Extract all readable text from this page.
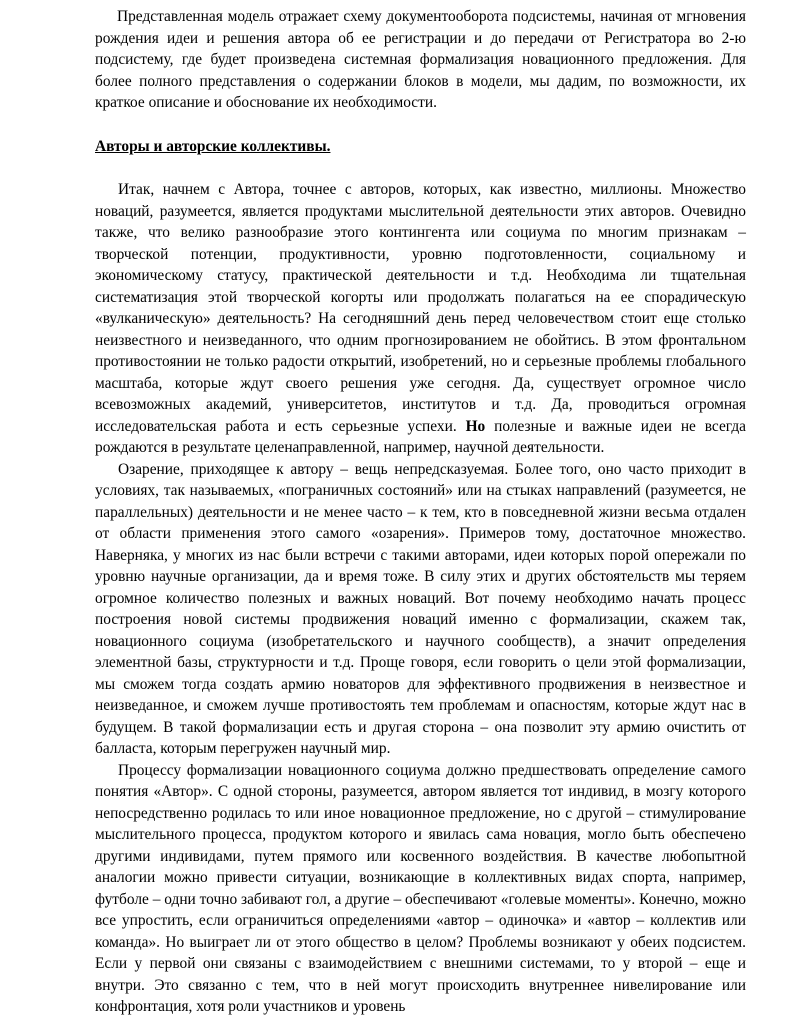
Представленная модель отражает схему документооборота подсистемы, начиная от мгновения рождения идеи и решения автора об ее регистрации и до передачи от Регистратора во 2-ю подсистему, где будет произведена системная формализация новационного предложения. Для более полного представления о содержании блоков в модели, мы дадим, по возможности, их краткое описание и обоснование их необходимости.

Авторы и авторские коллективы.

Итак, начнем с Автора, точнее с авторов, которых, как известно, миллионы. Множество новаций, разумеется, является продуктами мыслительной деятельности этих авторов. Очевидно также, что велико разнообразие этого контингента или социума по многим признакам – творческой потенции, продуктивности, уровню подготовленности, социальному и экономическому статусу, практической деятельности и т.д. Необходима ли тщательная систематизация этой творческой когорты или продолжать полагаться на ее спорадическую «вулканическую» деятельность? На сегодняшний день перед человечеством стоит еще столько неизвестного и неизведанного, что одним прогнозированием не обойтись. В этом фронтальном противостоянии не только радости открытий, изобретений, но и серьезные проблемы глобального масштаба, которые ждут своего решения уже сегодня. Да, существует огромное число всевозможных академий, университетов, институтов и т.д. Да, проводиться огромная исследовательская работа и есть серьезные успехи. Но полезные и важные идеи не всегда рождаются в результате целенаправленной, например, научной деятельности.

Озарение, приходящее к автору – вещь непредсказуемая. Более того, оно часто приходит в условиях, так называемых, «пограничных состояний» или на стыках направлений (разумеется, не параллельных) деятельности и не менее часто – к тем, кто в повседневной жизни весьма отдален от области применения этого самого «озарения». Примеров тому, достаточное множество. Наверняка, у многих из нас были встречи с такими авторами, идеи которых порой опережали по уровню научные организации, да и время тоже. В силу этих и других обстоятельств мы теряем огромное количество полезных и важных новаций. Вот почему необходимо начать процесс построения новой системы продвижения новаций именно с формализации, скажем так, новационного социума (изобретательского и научного сообществ), а значит определения элементной базы, структурности и т.д. Проще говоря, если говорить о цели этой формализации, мы сможем тогда создать армию новаторов для эффективного продвижения в неизвестное и неизведанное, и сможем лучше противостоять тем проблемам и опасностям, которые ждут нас в будущем. В такой формализации есть и другая сторона – она позволит эту армию очистить от балласта, которым перегружен научный мир.

Процессу формализации новационного социума должно предшествовать определение самого понятия «Автор». С одной стороны, разумеется, автором является тот индивид, в мозгу которого непосредственно родилась то или иное новационное предложение, но с другой – стимулирование мыслительного процесса, продуктом которого и явилась сама новация, могло быть обеспечено другими индивидами, путем прямого или косвенного воздействия. В качестве любопытной аналогии можно привести ситуации, возникающие в коллективных видах спорта, например, футболе – одни точно забивают гол, а другие – обеспечивают «голевые моменты». Конечно, можно все упростить, если ограничиться определениями «автор – одиночка» и «автор – коллектив или команда». Но выиграет ли от этого общество в целом? Проблемы возникают у обеих подсистем. Если у первой они связаны с взаимодействием с внешними системами, то у второй – еще и внутри. Это связанно с тем, что в ней могут происходить внутреннее нивелирование или конфронтация, хотя роли участников и уровень
